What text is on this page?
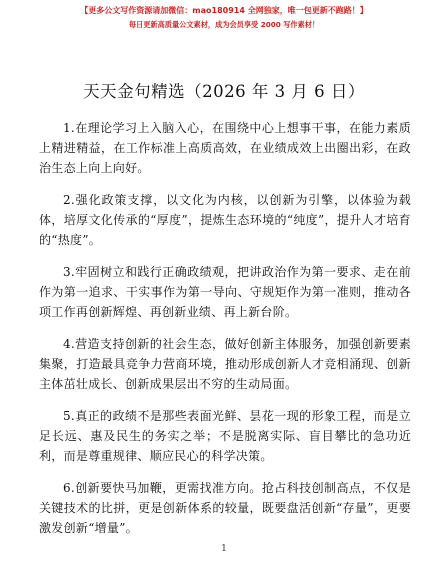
【更多公文写作资源请加微信：mao180914 全网独家，唯一包更新不跑路！】
每日更新高质量公文素材，成为会员享受 2000 写作素材！
天天金句精选（2026 年 3 月 6 日）

1.在理论学习上入脑入心，在围绕中心上想事干事，在能力素质上精进精益，在工作标准上高质高效，在业绩成效上出圈出彩，在政治生态上向上向好。

2.强化政策支撑，以文化为内核，以创新为引擎，以体验为载体，培厚文化传承的“厚度”，提炼生态环境的“纯度”，提升人才培育的“热度”。

3.牢固树立和践行正确政绩观，把讲政治作为第一要求、走在前作为第一追求、干实事作为第一导向、守规矩作为第一准则，推动各项工作再创新辉煌、再创新业绩、再上新台阶。

4.营造支持创新的社会生态，做好创新主体服务，加强创新要素集聚，打造最具竞争力营商环境，推动形成创新人才竞相涌现、创新主体茁壮成长、创新成果层出不穷的生动局面。

5.真正的政绩不是那些表面光鲜、昙花一现的形象工程，而是立足长远、惠及民生的务实之举；不是脱离实际、盲目攀比的急功近利，而是尊重规律、顺应民心的科学决策。

6.创新要快马加鞭，更需找准方向。抢占科技创制高点，不仅是关键技术的比拼，更是创新体系的较量，既要盘活创新“存量”，更要激发创新“增量”。

1
